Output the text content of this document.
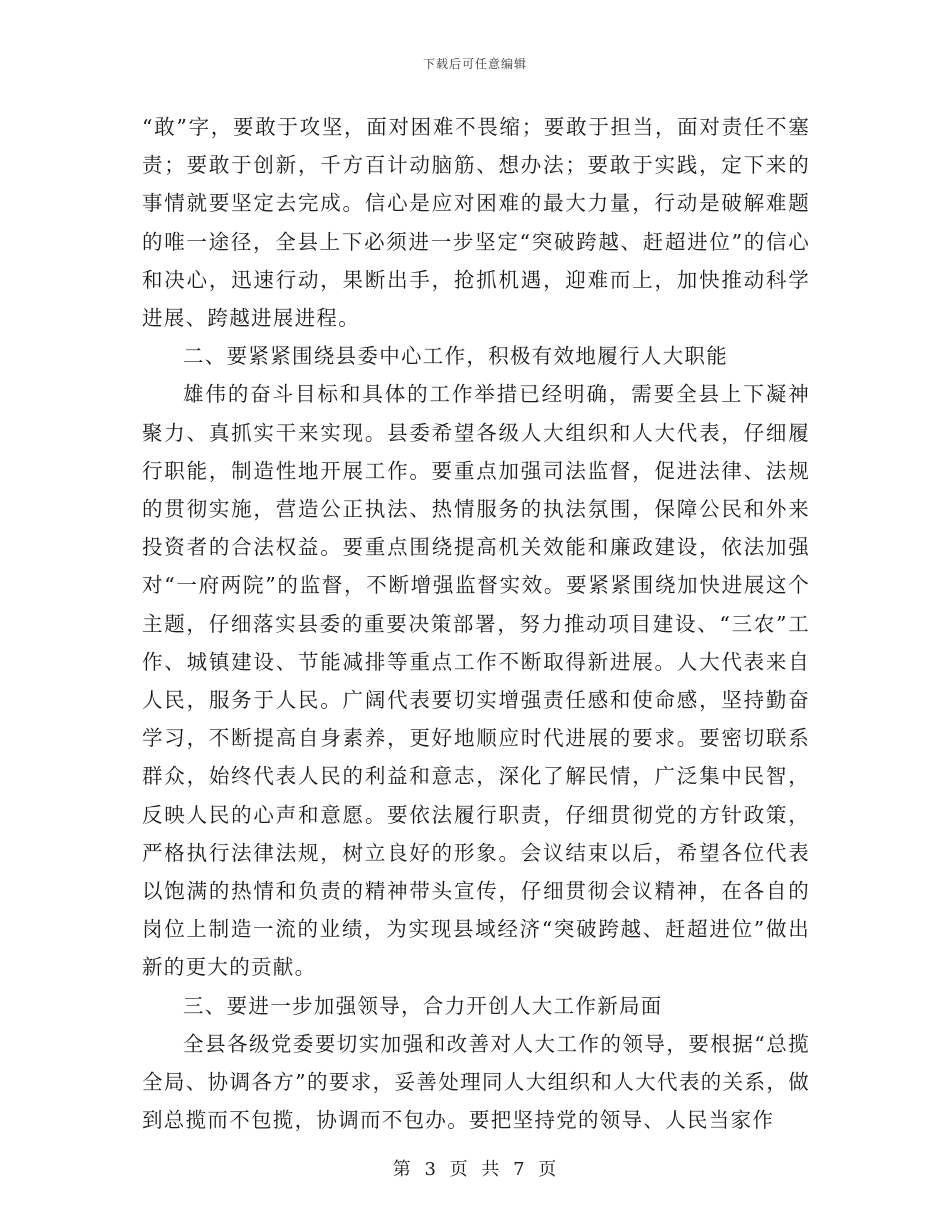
下载后可任意编辑

“敢”字，要敢于攻坚，面对困难不畏缩；要敢于担当，面对责任不塞责；要敢于创新，千方百计动脑筋、想办法；要敢于实践，定下来的事情就要坚定去完成。信心是应对困难的最大力量，行动是破解难题的唯一途径，全县上下必须进一步坚定“突破跨越、赶超进位”的信心和决心，迅速行动，果断出手，抢抓机遇，迎难而上，加快推动科学进展、跨越进展进程。

二、要紧紧围绕县委中心工作，积极有效地履行人大职能

雄伟的奋斗目标和具体的工作举措已经明确，需要全县上下凝神聚力、真抓实干来实现。县委希望各级人大组织和人大代表，仔细履行职能，制造性地开展工作。要重点加强司法监督，促进法律、法规的贯彻实施，营造公正执法、热情服务的执法氛围，保障公民和外来投资者的合法权益。要重点围绕提高机关效能和廉政建设，依法加强对“一府两院”的监督，不断增强监督实效。要紧紧围绕加快进展这个主题，仔细落实县委的重要决策部署，努力推动项目建设、“三农”工作、城镇建设、节能减排等重点工作不断取得新进展。人大代表来自人民，服务于人民。广阔代表要切实增强责任感和使命感，坚持勤奋学习，不断提高自身素养，更好地顺应时代进展的要求。要密切联系群众，始终代表人民的利益和意志，深化了解民情，广泛集中民智，反映人民的心声和意愿。要依法履行职责，仔细贯彻党的方针政策，严格执行法律法规，树立良好的形象。会议结束以后，希望各位代表以饱满的热情和负责的精神带头宣传，仔细贯彻会议精神，在各自的岗位上制造一流的业绩，为实现县域经济“突破跨越、赶超进位”做出新的更大的贡献。

三、要进一步加强领导，合力开创人大工作新局面

全县各级党委要切实加强和改善对人大工作的领导，要根据“总揽全局、协调各方”的要求，妥善处理同人大组织和人大代表的关系，做到总揽而不包揽，协调而不包办。要把坚持党的领导、人民当家作

第 3 页 共 7 页
